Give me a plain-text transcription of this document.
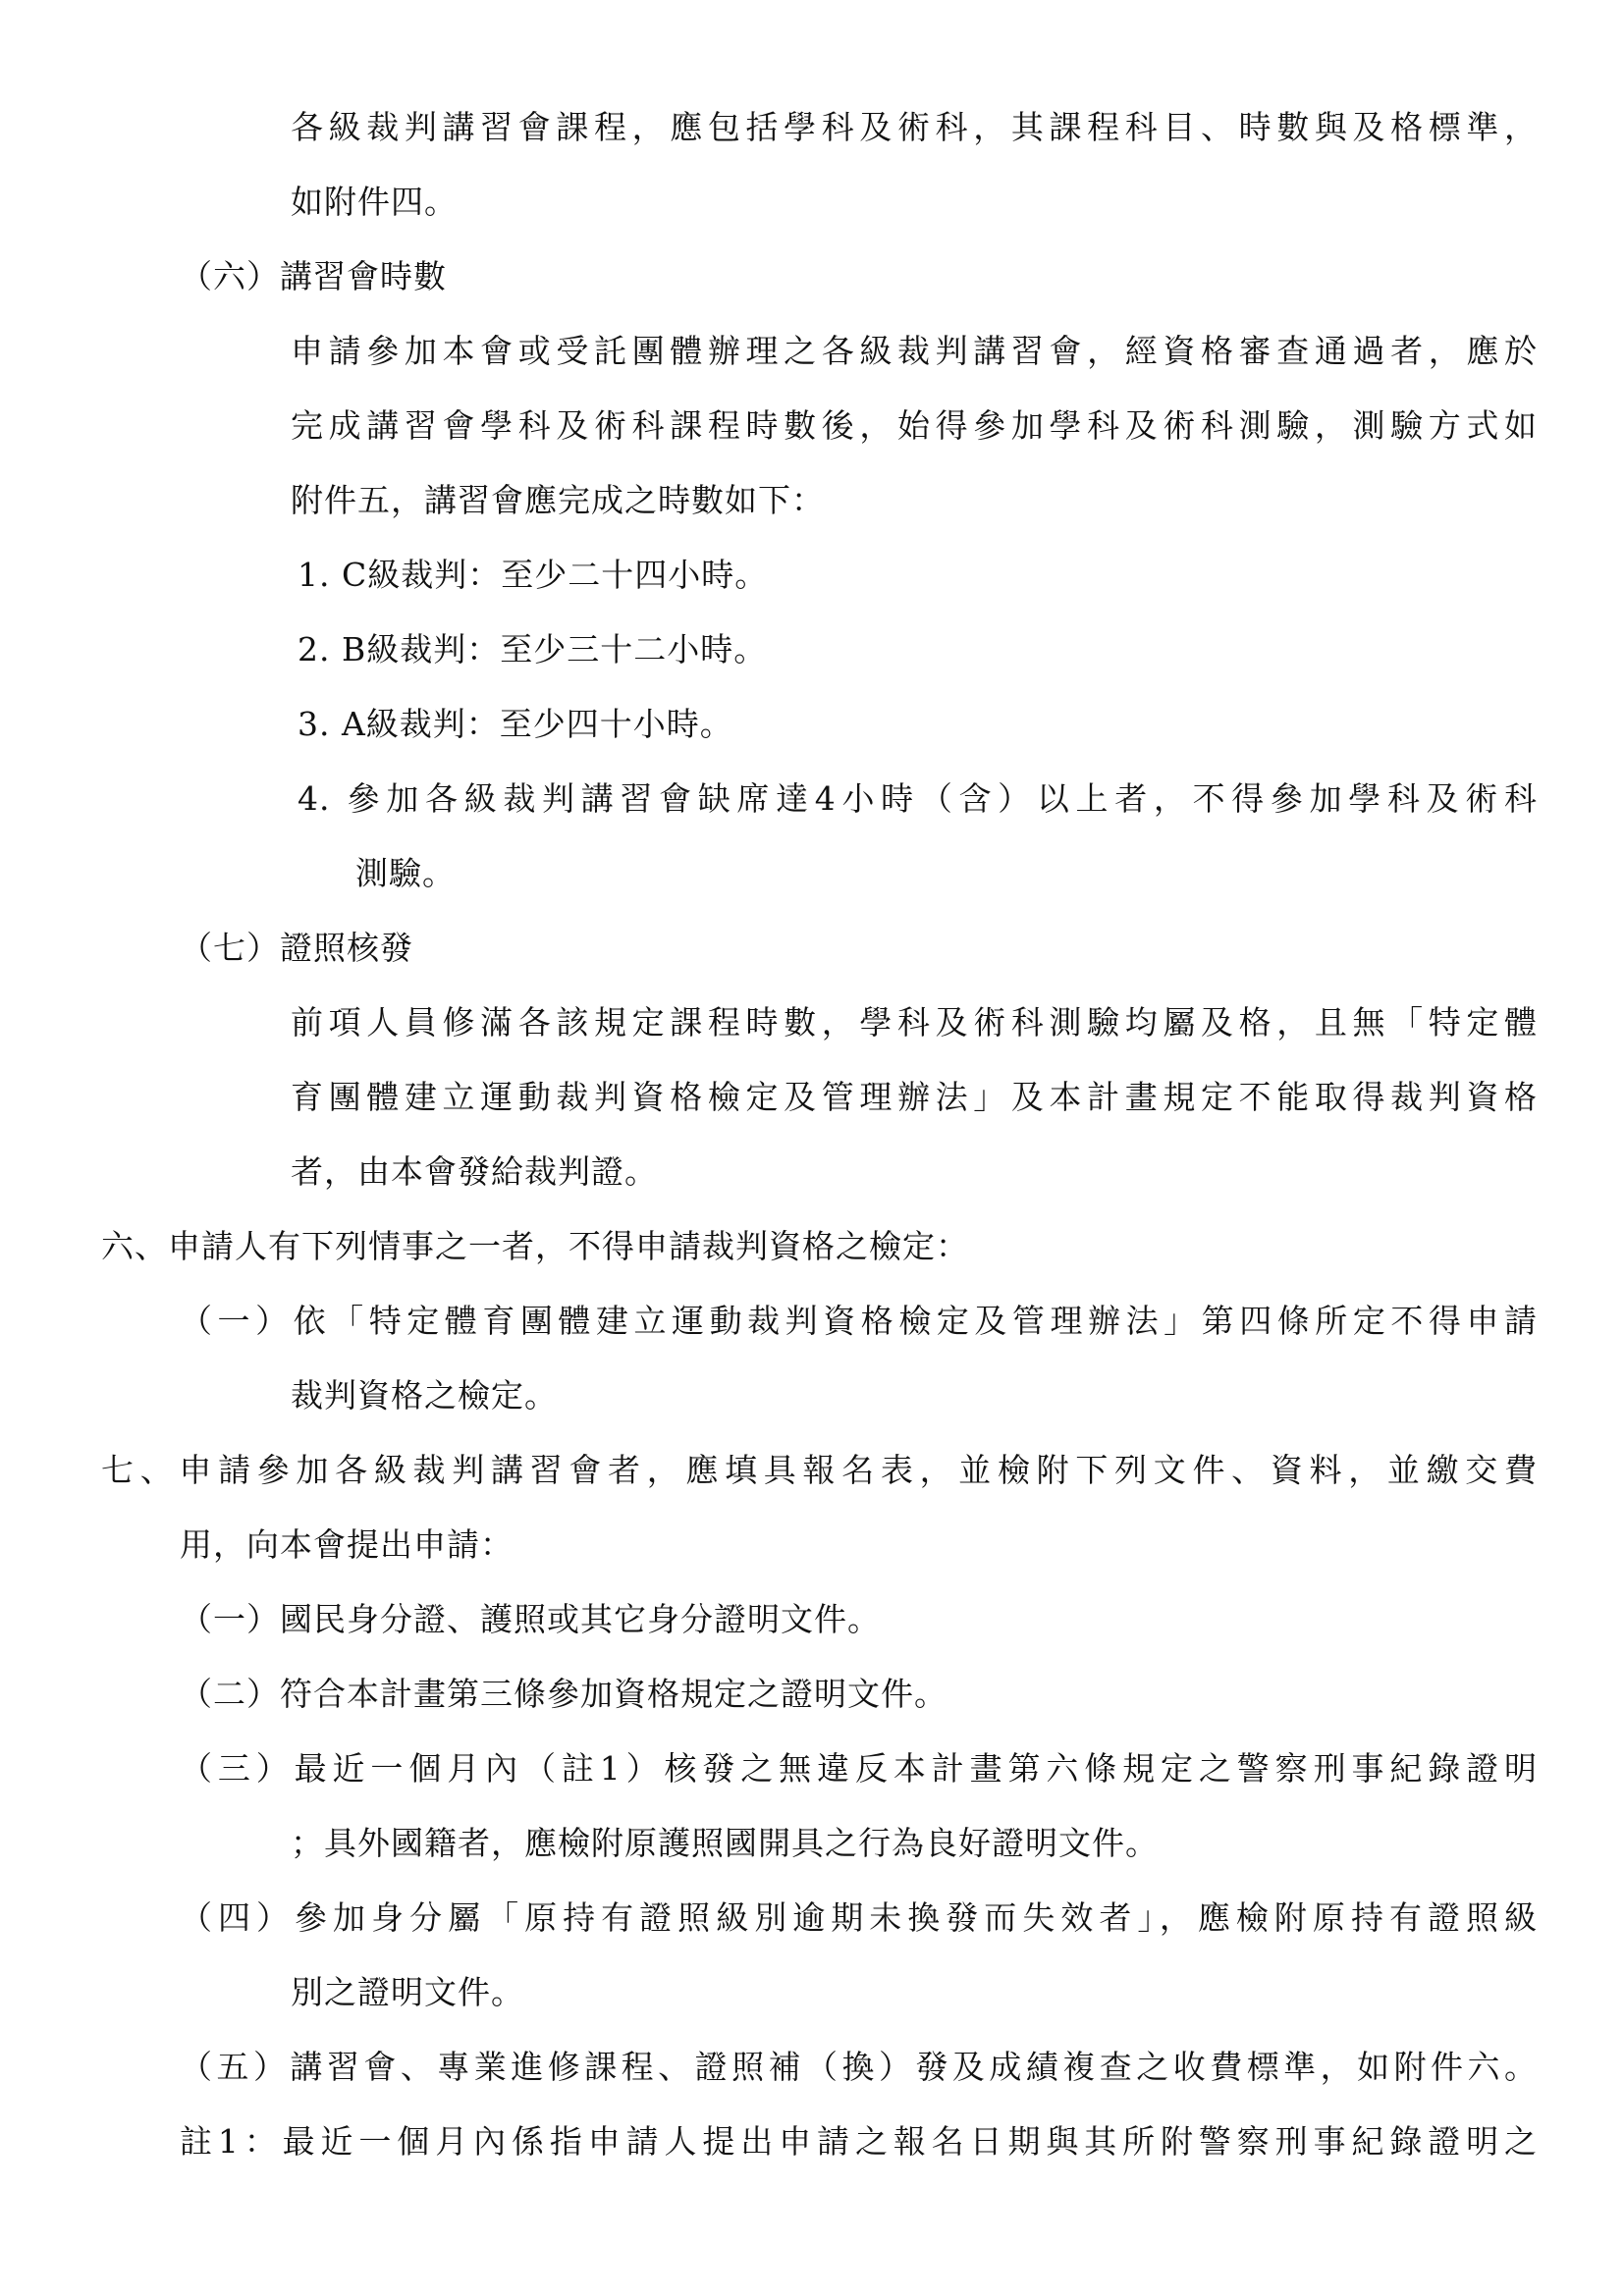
各級裁判講習會課程，應包括學科及術科，其課程科目、時數與及格標準，
如附件四。
（六）講習會時數
申請參加本會或受託團體辦理之各級裁判講習會，經資格審查通過者，應於
完成講習會學科及術科課程時數後，始得參加學科及術科測驗，測驗方式如
附件五，講習會應完成之時數如下：
1. C級裁判：至少二十四小時。
2. B級裁判：至少三十二小時。
3. A級裁判：至少四十小時。
4. 參加各級裁判講習會缺席達4小時（含）以上者，不得參加學科及術科
測驗。
（七）證照核發
前項人員修滿各該規定課程時數，學科及術科測驗均屬及格，且無「特定體
育團體建立運動裁判資格檢定及管理辦法」及本計畫規定不能取得裁判資格
者，由本會發給裁判證。
六、申請人有下列情事之一者，不得申請裁判資格之檢定：
（一）依「特定體育團體建立運動裁判資格檢定及管理辦法」第四條所定不得申請
裁判資格之檢定。
七、申請參加各級裁判講習會者，應填具報名表，並檢附下列文件、資料，並繳交費
用，向本會提出申請：
（一）國民身分證、護照或其它身分證明文件。
（二）符合本計畫第三條參加資格規定之證明文件。
（三）最近一個月內（註1）核發之無違反本計畫第六條規定之警察刑事紀錄證明
；具外國籍者，應檢附原護照國開具之行為良好證明文件。
（四）參加身分屬「原持有證照級別逾期未換發而失效者」，應檢附原持有證照級
別之證明文件。
（五）講習會、專業進修課程、證照補（換）發及成績複查之收費標準，如附件六。
註1：最近一個月內係指申請人提出申請之報名日期與其所附警察刑事紀錄證明之
